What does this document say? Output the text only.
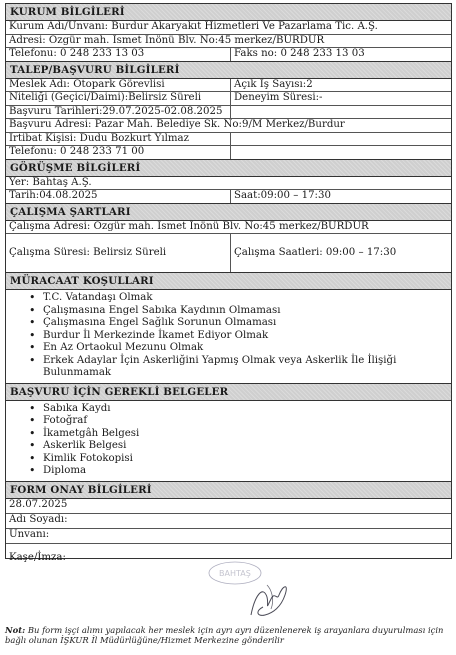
KURUM BİLGİLERİ
Kurum Adı/Unvanı: Burdur Akaryakıt Hizmetleri Ve Pazarlama Tic. A.Ş.
Adresi: Özgür mah. İsmet İnönü Blv. No:45 merkez/BURDUR
Telefonu: 0 248 233 13 03	Faks no: 0 248 233 13 03
TALEP/BAŞVURU BİLGİLERİ
Meslek Adı: Otopark Görevlisi	Açık İş Sayısı:2
Niteliği (Geçici/Daimi):Belirsiz Süreli	Deneyim Süresi:-
Başvuru Tarihleri:29.07.2025-02.08.2025
Başvuru Adresi: Pazar Mah. Belediye Sk. No:9/M Merkez/Burdur
İrtibat Kişisi: Dudu Bozkurt Yılmaz
Telefonu: 0 248 233 71 00
GÖRÜŞME BİLGİLERİ
Yer: Bahtaş A.Ş.
Tarih:04.08.2025	Saat:09:00 – 17:30
ÇALIŞMA ŞARTLARI
Çalışma Adresi: Özgür mah. İsmet İnönü Blv. No:45 merkez/BURDUR
Çalışma Süresi: Belirsiz Süreli	Çalışma Saatleri: 09:00 – 17:30
MÜRACAAT KOŞULLARI
• T.C. Vatandaşı Olmak
• Çalışmasına Engel Sabıka Kaydının Olmaması
• Çalışmasına Engel Sağlık Sorunun Olmaması
• Burdur İl Merkezinde İkamet Ediyor Olmak
• En Az Ortaokul Mezunu Olmak
• Erkek Adaylar İçin Askerliğini Yapmış Olmak veya Askerlik İle İlişiği Bulunmamak
BAŞVURU İÇİN GEREKLİ BELGELER
• Sabıka Kaydı
• Fotoğraf
• İkametgâh Belgesi
• Askerlik Belgesi
• Kimlik Fotokopisi
• Diploma
FORM ONAY BİLGİLERİ
28.07.2025
Adı Soyadı:
Unvanı:
Kaşe/İmza:
BAHTAŞ
Not: Bu form işçi alımı yapılacak her meslek için ayrı ayrı düzenlenerek iş arayanlara duyurulması için bağlı olunan İŞKUR İl Müdürlüğüne/Hizmet Merkezine gönderilir
